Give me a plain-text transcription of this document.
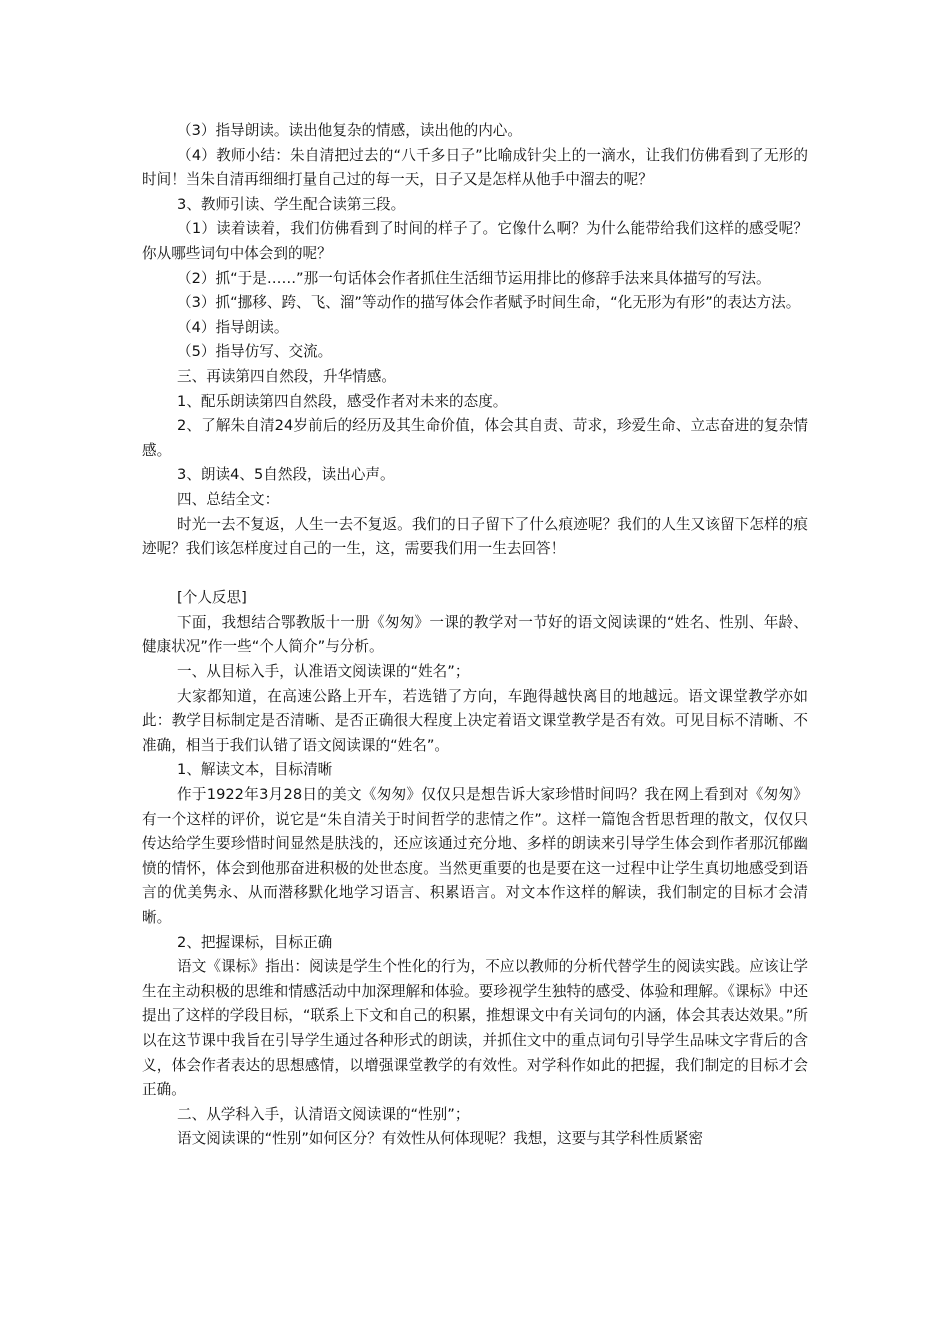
（3）指导朗读。读出他复杂的情感，读出他的内心。

（4）教师小结：朱自清把过去的“八千多日子”比喻成针尖上的一滴水，让我们仿佛看到了无形的时间！当朱自清再细细打量自己过的每一天，日子又是怎样从他手中溜去的呢？

3、教师引读、学生配合读第三段。

（1）读着读着，我们仿佛看到了时间的样子了。它像什么啊？为什么能带给我们这样的感受呢？你从哪些词句中体会到的呢？

（2）抓“于是……”那一句话体会作者抓住生活细节运用排比的修辞手法来具体描写的写法。

（3）抓“挪移、跨、飞、溜”等动作的描写体会作者赋予时间生命，“化无形为有形”的表达方法。

（4）指导朗读。

（5）指导仿写、交流。

三、再读第四自然段，升华情感。

1、配乐朗读第四自然段，感受作者对未来的态度。

2、了解朱自清24岁前后的经历及其生命价值，体会其自责、苛求，珍爱生命、立志奋进的复杂情感。

3、朗读4、5自然段，读出心声。

四、总结全文：

时光一去不复返，人生一去不复返。我们的日子留下了什么痕迹呢？我们的人生又该留下怎样的痕迹呢？我们该怎样度过自己的一生，这，需要我们用一生去回答！

[个人反思]

下面，我想结合鄂教版十一册《匆匆》一课的教学对一节好的语文阅读课的“姓名、性别、年龄、健康状况”作一些“个人简介”与分析。

一、从目标入手，认准语文阅读课的“姓名”；

大家都知道，在高速公路上开车，若选错了方向，车跑得越快离目的地越远。语文课堂教学亦如此：教学目标制定是否清晰、是否正确很大程度上决定着语文课堂教学是否有效。可见目标不清晰、不准确，相当于我们认错了语文阅读课的“姓名”。

1、解读文本，目标清晰

作于1922年3月28日的美文《匆匆》仅仅只是想告诉大家珍惜时间吗？我在网上看到对《匆匆》有一个这样的评价，说它是“朱自清关于时间哲学的悲情之作”。这样一篇饱含哲思哲理的散文，仅仅只传达给学生要珍惜时间显然是肤浅的，还应该通过充分地、多样的朗读来引导学生体会到作者那沉郁幽愤的情怀，体会到他那奋进积极的处世态度。当然更重要的也是要在这一过程中让学生真切地感受到语言的优美隽永、从而潜移默化地学习语言、积累语言。对文本作这样的解读，我们制定的目标才会清晰。

2、把握课标，目标正确

语文《课标》指出：阅读是学生个性化的行为，不应以教师的分析代替学生的阅读实践。应该让学生在主动积极的思维和情感活动中加深理解和体验。要珍视学生独特的感受、体验和理解。《课标》中还提出了这样的学段目标，“联系上下文和自己的积累，推想课文中有关词句的内涵，体会其表达效果。”所以在这节课中我旨在引导学生通过各种形式的朗读，并抓住文中的重点词句引导学生品味文字背后的含义，体会作者表达的思想感情，以增强课堂教学的有效性。对学科作如此的把握，我们制定的目标才会正确。

二、从学科入手，认清语文阅读课的“性别”；

语文阅读课的“性别”如何区分？有效性从何体现呢？我想，这要与其学科性质紧密
